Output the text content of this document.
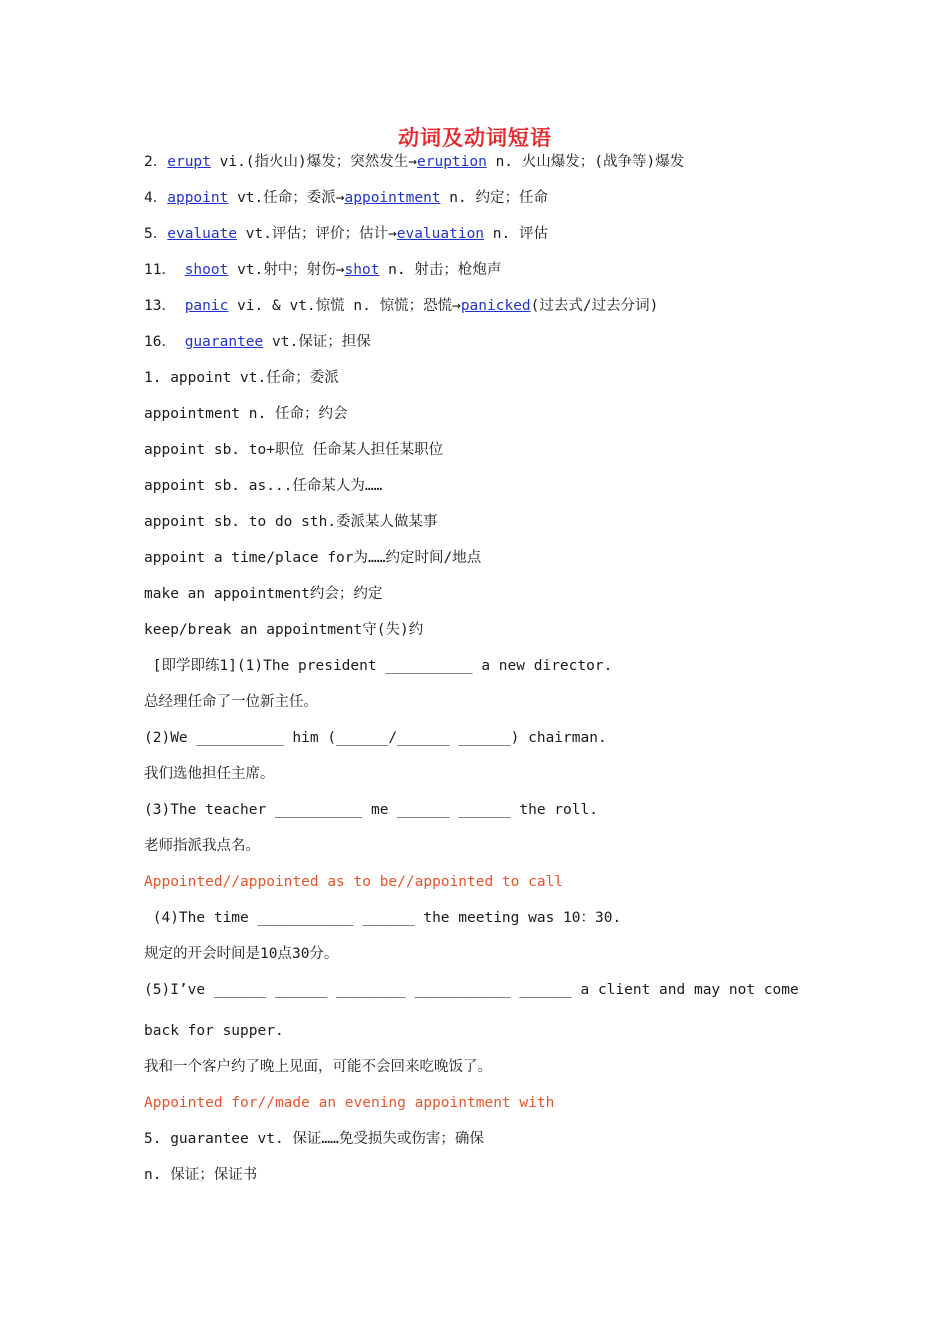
动词及动词短语
2．erupt vi.(指火山)爆发；突然发生→eruption n. 火山爆发；(战争等)爆发
4．appoint vt.任命；委派→appointment n. 约定；任命
5．evaluate vt.评估；评价；估计→evaluation n. 评估
11． shoot vt.射中；射伤→shot n. 射击；枪炮声
13． panic vi. & vt.惊慌 n. 惊慌；恐慌→panicked(过去式/过去分词)
16． guarantee vt.保证；担保
1. appoint vt.任命；委派
appointment n. 任命；约会
appoint sb. to+职位 任命某人担任某职位
appoint sb. as...任命某人为……
appoint sb. to do sth.委派某人做某事
appoint a time/place for为……约定时间/地点
make an appointment约会；约定
keep/break an appointment守(失)约
[即学即练1](1)The president __________ a new director.
总经理任命了一位新主任。
(2)We __________ him (______/______ ______) chairman.
我们选他担任主席。
(3)The teacher __________ me ______ ______ the roll.
老师指派我点名。
Appointed//appointed as to be//appointed to call
(4)The time ___________ ______ the meeting was 10：30.
规定的开会时间是10点30分。
(5)I’ve ______ ______ ________ ___________ ______ a client and may not come
back for supper.
我和一个客户约了晚上见面，可能不会回来吃晚饭了。
Appointed for//made an evening appointment with
5. guarantee vt. 保证……免受损失或伤害；确保
n. 保证；保证书
